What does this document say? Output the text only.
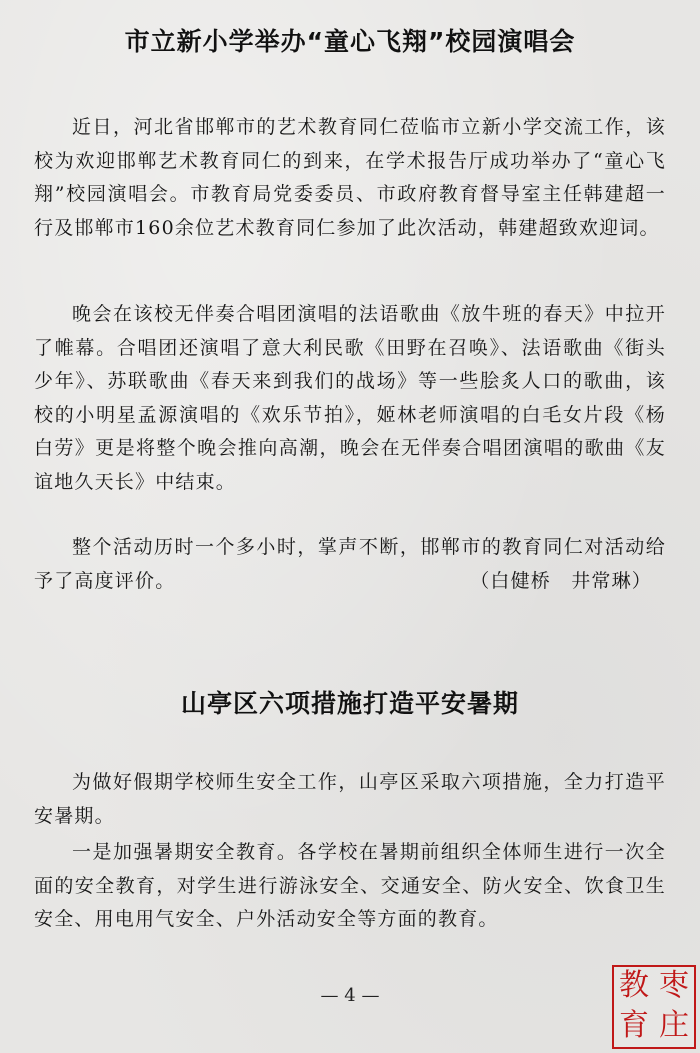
市立新小学举办“童心飞翔”校园演唱会

近日，河北省邯郸市的艺术教育同仁莅临市立新小学交流工作，该校为欢迎邯郸艺术教育同仁的到来，在学术报告厅成功举办了“童心飞翔”校园演唱会。市教育局党委委员、市政府教育督导室主任韩建超一行及邯郸市160余位艺术教育同仁参加了此次活动，韩建超致欢迎词。

晚会在该校无伴奏合唱团演唱的法语歌曲《放牛班的春天》中拉开了帷幕。合唱团还演唱了意大利民歌《田野在召唤》、法语歌曲《街头少年》、苏联歌曲《春天来到我们的战场》等一些脍炙人口的歌曲，该校的小明星孟源演唱的《欢乐节拍》，姬林老师演唱的白毛女片段《杨白劳》更是将整个晚会推向高潮，晚会在无伴奏合唱团演唱的歌曲《友谊地久天长》中结束。

整个活动历时一个多小时，掌声不断，邯郸市的教育同仁对活动给予了高度评价。	（白健桥　井常琳）
山亭区六项措施打造平安暑期

为做好假期学校师生安全工作，山亭区采取六项措施，全力打造平安暑期。

一是加强暑期安全教育。各学校在暑期前组织全体师生进行一次全面的安全教育，对学生进行游泳安全、交通安全、防火安全、饮食卫生安全、用电用气安全、户外活动安全等方面的教育。

— 4 —	教 枣
育 庄
